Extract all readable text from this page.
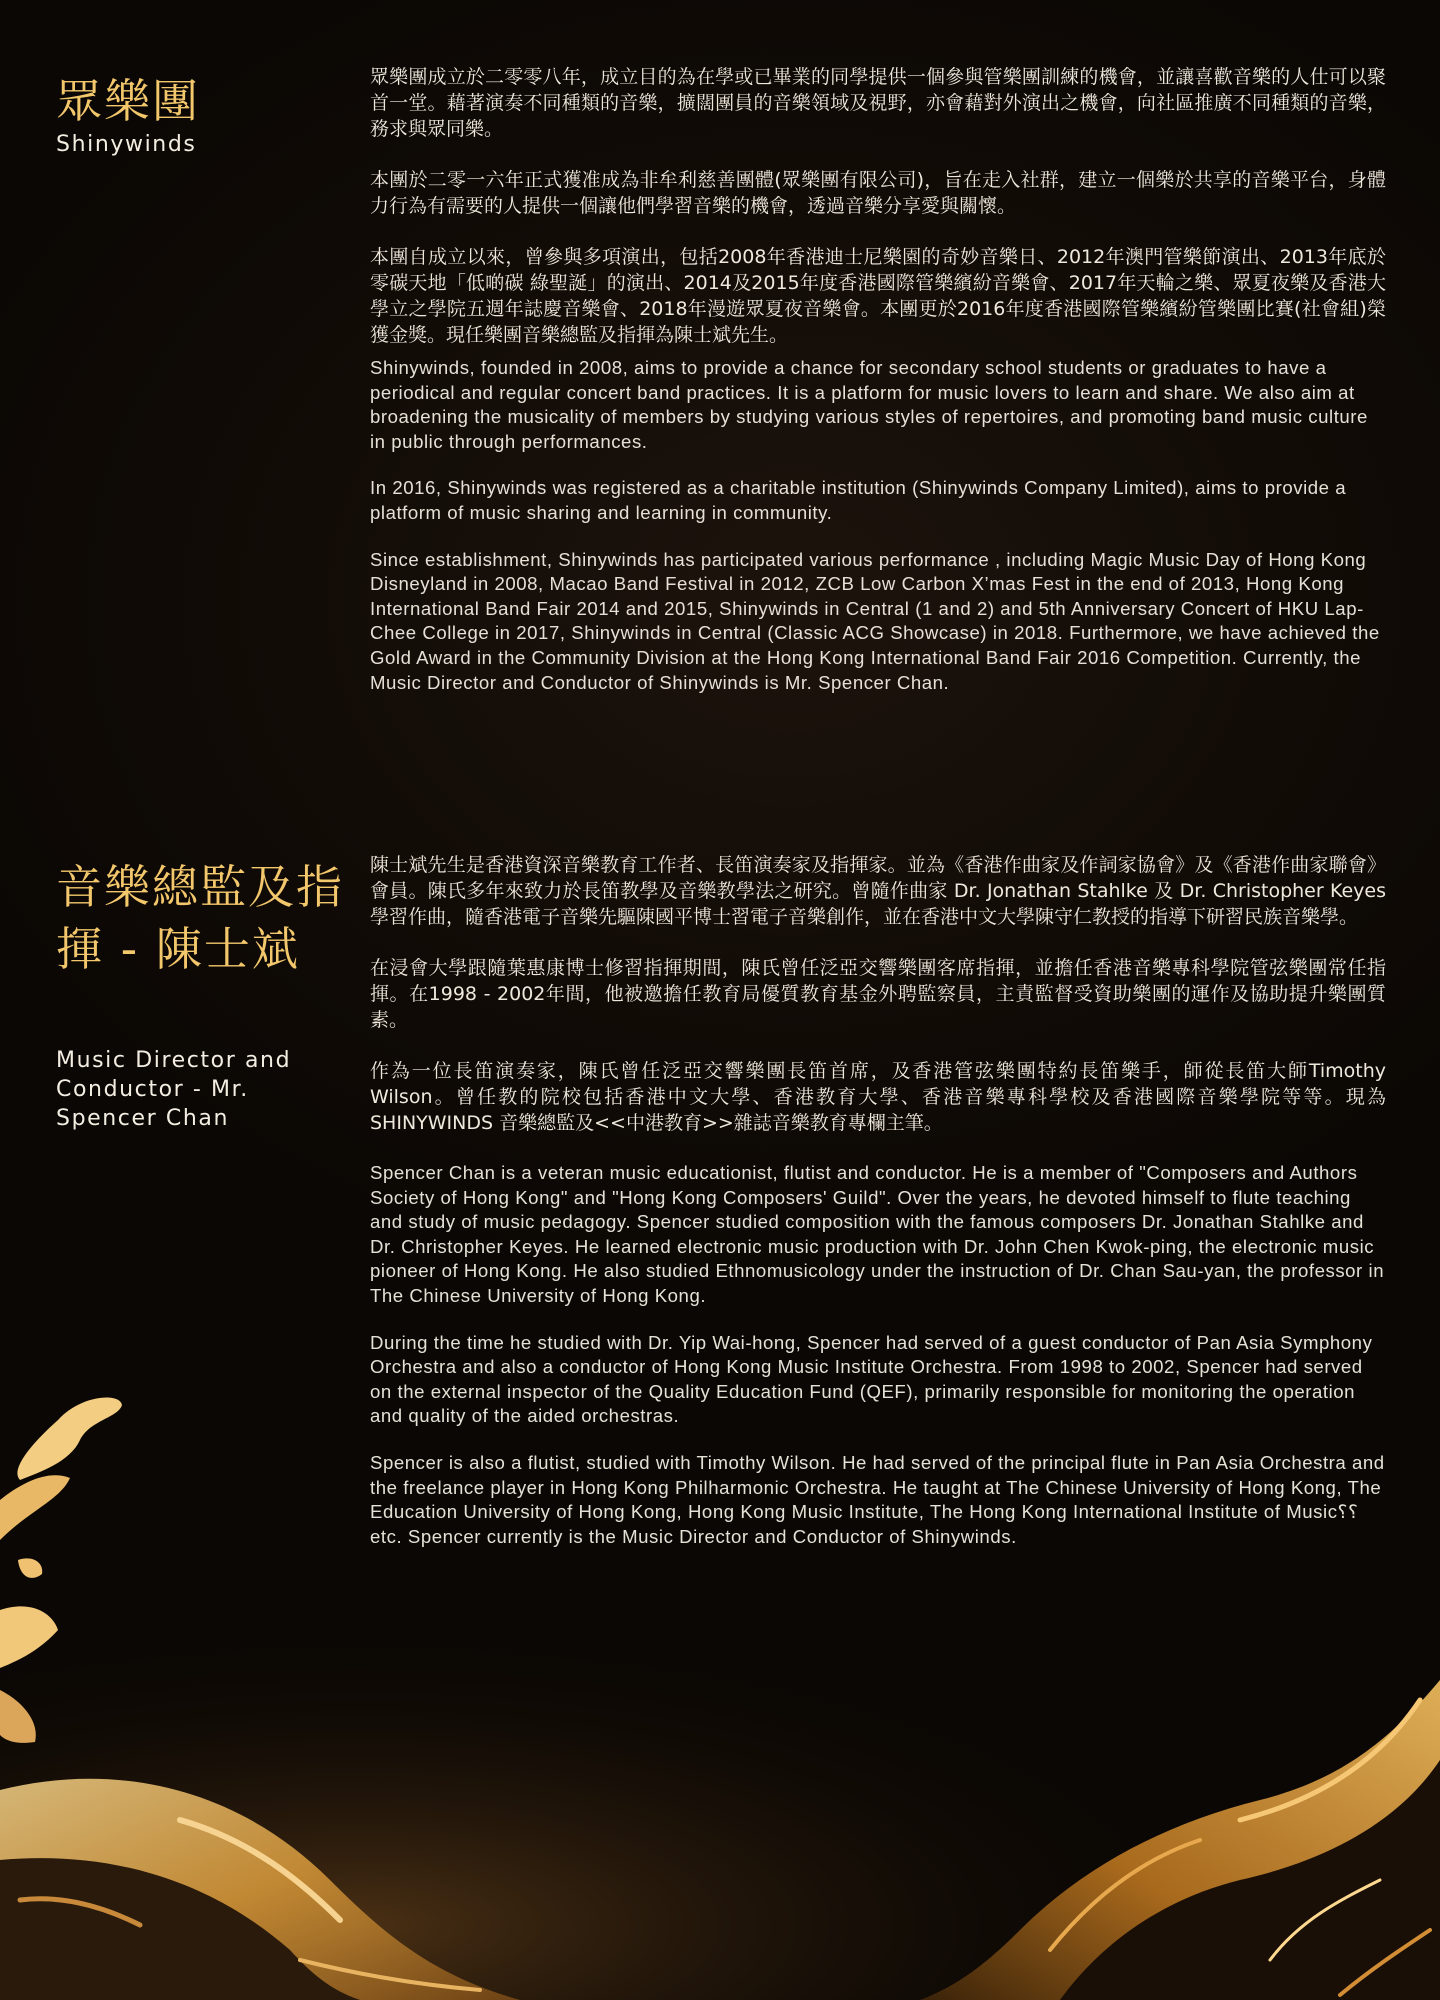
眾樂團
Shinywinds

眾樂團成立於二零零八年，成立目的為在學或已畢業的同學提供一個參與管樂團訓練的機會，並讓喜歡音樂的人仕可以聚首一堂。藉著演奏不同種類的音樂，擴闊團員的音樂領域及視野，亦會藉對外演出之機會，向社區推廣不同種類的音樂，務求與眾同樂。

本團於二零一六年正式獲准成為非牟利慈善團體(眾樂團有限公司)，旨在走入社群，建立一個樂於共享的音樂平台，身體力行為有需要的人提供一個讓他們學習音樂的機會，透過音樂分享愛與關懷。

本團自成立以來，曾參與多項演出，包括2008年香港迪士尼樂園的奇妙音樂日、2012年澳門管樂節演出、2013年底於零碳天地「低啲碳 綠聖誕」的演出、2014及2015年度香港國際管樂繽紛音樂會、2017年天輪之樂、眾夏夜樂及香港大學立之學院五週年誌慶音樂會、2018年漫遊眾夏夜音樂會。本團更於2016年度香港國際管樂繽紛管樂團比賽(社會組)榮獲金獎。現任樂團音樂總監及指揮為陳士斌先生。

Shinywinds, founded in 2008, aims to provide a chance for secondary school students or graduates to have a periodical and regular concert band practices. It is a platform for music lovers to learn and share. We also aim at broadening the musicality of members by studying various styles of repertoires, and promoting band music culture in public through performances.

In 2016, Shinywinds was registered as a charitable institution (Shinywinds Company Limited), aims to provide a platform of music sharing and learning in community.

Since establishment, Shinywinds has participated various performance , including Magic Music Day of Hong Kong Disneyland in 2008, Macao Band Festival in 2012, ZCB Low Carbon X’mas Fest in the end of 2013, Hong Kong International Band Fair 2014 and 2015, Shinywinds in Central (1 and 2) and 5th Anniversary Concert of HKU Lap-Chee College in 2017, Shinywinds in Central (Classic ACG Showcase) in 2018. Furthermore, we have achieved the Gold Award in the Community Division at the Hong Kong International Band Fair 2016 Competition. Currently, the Music Director and Conductor of Shinywinds is Mr. Spencer Chan.

音樂總監及指揮 - 陳士斌
Music Director and Conductor - Mr. Spencer Chan

陳士斌先生是香港資深音樂教育工作者、長笛演奏家及指揮家。並為《香港作曲家及作詞家協會》及《香港作曲家聯會》會員。陳氏多年來致力於長笛教學及音樂教學法之研究。曾隨作曲家 Dr. Jonathan Stahlke 及 Dr. Christopher Keyes 學習作曲，隨香港電子音樂先驅陳國平博士習電子音樂創作，並在香港中文大學陳守仁教授的指導下研習民族音樂學。

在浸會大學跟隨葉惠康博士修習指揮期間，陳氏曾任泛亞交響樂團客席指揮，並擔任香港音樂專科學院管弦樂團常任指揮。在1998 - 2002年間，他被邀擔任教育局優質教育基金外聘監察員，主責監督受資助樂團的運作及協助提升樂團質素。

作為一位長笛演奏家，陳氏曾任泛亞交響樂團長笛首席，及香港管弦樂團特約長笛樂手，師從長笛大師Timothy Wilson。曾任教的院校包括香港中文大學、香港教育大學、香港音樂專科學校及香港國際音樂學院等等。現為SHINYWINDS 音樂總監及<<中港教育>>雜誌音樂教育專欄主筆。

Spencer Chan is a veteran music educationist, flutist and conductor. He is a member of "Composers and Authors Society of Hong Kong" and "Hong Kong Composers' Guild". Over the years, he devoted himself to flute teaching and study of music pedagogy. Spencer studied composition with the famous composers Dr. Jonathan Stahlke and Dr. Christopher Keyes. He learned electronic music production with Dr. John Chen Kwok-ping, the electronic music pioneer of Hong Kong. He also studied Ethnomusicology under the instruction of Dr. Chan Sau-yan, the professor in The Chinese University of Hong Kong.

During the time he studied with Dr. Yip Wai-hong, Spencer had served of a guest conductor of Pan Asia Symphony Orchestra and also a conductor of Hong Kong Music Institute Orchestra. From 1998 to 2002, Spencer had served on the external inspector of the Quality Education Fund (QEF), primarily responsible for monitoring the operation and quality of the aided orchestras.

Spencer is also a flutist, studied with Timothy Wilson. He had served of the principal flute in Pan Asia Orchestra and the freelance player in Hong Kong Philharmonic Orchestra. He taught at The Chinese University of Hong Kong, The Education University of Hong Kong, Hong Kong Music Institute, The Hong Kong International Institute of Music⸮⸮etc. Spencer currently is the Music Director and Conductor of Shinywinds.
